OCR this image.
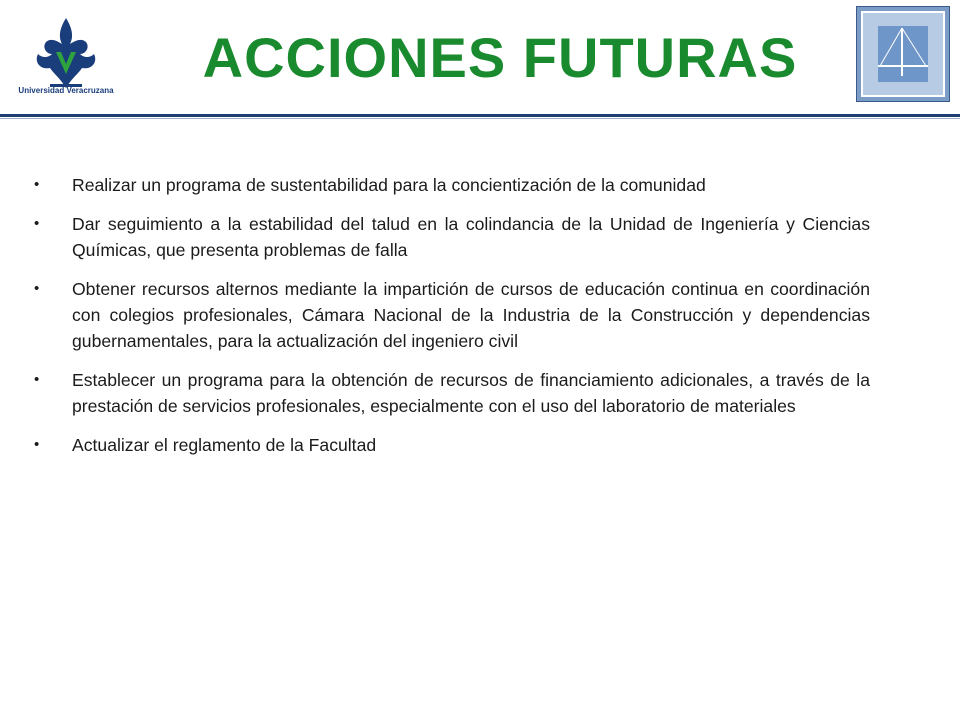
Universidad Veracruzana
ACCIONES FUTURAS
• Realizar un programa de sustentabilidad para la concientización de la comunidad
• Dar seguimiento a la estabilidad del talud en la colindancia de la Unidad de Ingeniería y Ciencias Químicas, que presenta problemas de falla
• Obtener recursos alternos mediante la impartición de cursos de educación continua en coordinación con colegios profesionales, Cámara Nacional de la Industria de la Construcción y dependencias gubernamentales, para la actualización del ingeniero civil
• Establecer un programa para la obtención de recursos de financiamiento adicionales, a través de la prestación de servicios profesionales, especialmente con el uso del laboratorio de materiales
• Actualizar el reglamento de la Facultad
